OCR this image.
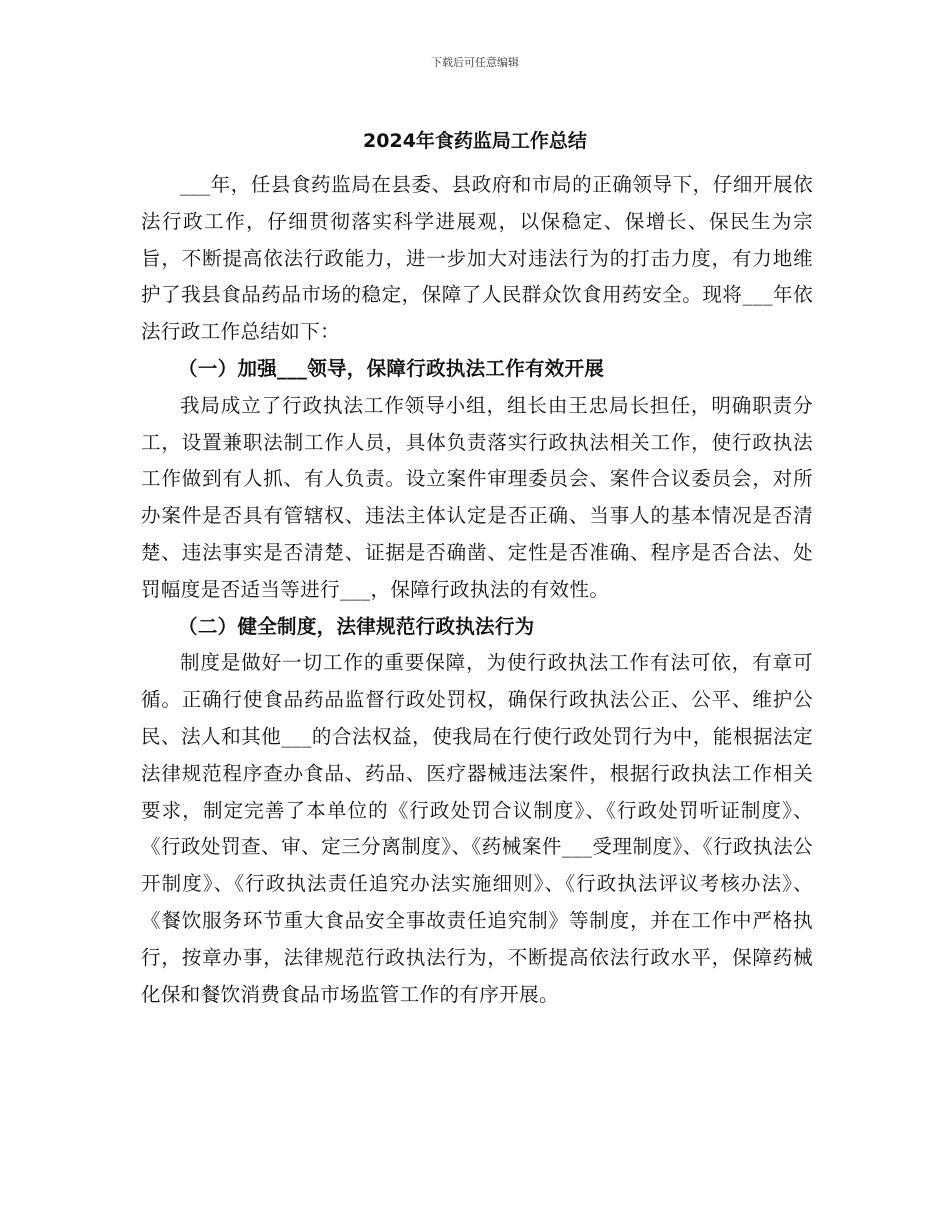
下载后可任意编辑
2024年食药监局工作总结

___年，任县食药监局在县委、县政府和市局的正确领导下，仔细开展依法行政工作，仔细贯彻落实科学进展观，以保稳定、保增长、保民生为宗旨，不断提高依法行政能力，进一步加大对违法行为的打击力度，有力地维护了我县食品药品市场的稳定，保障了人民群众饮食用药安全。现将___年依法行政工作总结如下：

（一）加强___领导，保障行政执法工作有效开展

我局成立了行政执法工作领导小组，组长由王忠局长担任，明确职责分工，设置兼职法制工作人员，具体负责落实行政执法相关工作，使行政执法工作做到有人抓、有人负责。设立案件审理委员会、案件合议委员会，对所办案件是否具有管辖权、违法主体认定是否正确、当事人的基本情况是否清楚、违法事实是否清楚、证据是否确凿、定性是否准确、程序是否合法、处罚幅度是否适当等进行___，保障行政执法的有效性。

（二）健全制度，法律规范行政执法行为

制度是做好一切工作的重要保障，为使行政执法工作有法可依，有章可循。正确行使食品药品监督行政处罚权，确保行政执法公正、公平、维护公民、法人和其他___的合法权益，使我局在行使行政处罚行为中，能根据法定法律规范程序查办食品、药品、医疗器械违法案件，根据行政执法工作相关要求，制定完善了本单位的《行政处罚合议制度》、《行政处罚听证制度》、《行政处罚查、审、定三分离制度》、《药械案件___受理制度》、《行政执法公开制度》、《行政执法责任追究办法实施细则》、《行政执法评议考核办法》、《餐饮服务环节重大食品安全事故责任追究制》等制度，并在工作中严格执行，按章办事，法律规范行政执法行为，不断提高依法行政水平，保障药械化保和餐饮消费食品市场监管工作的有序开展。
